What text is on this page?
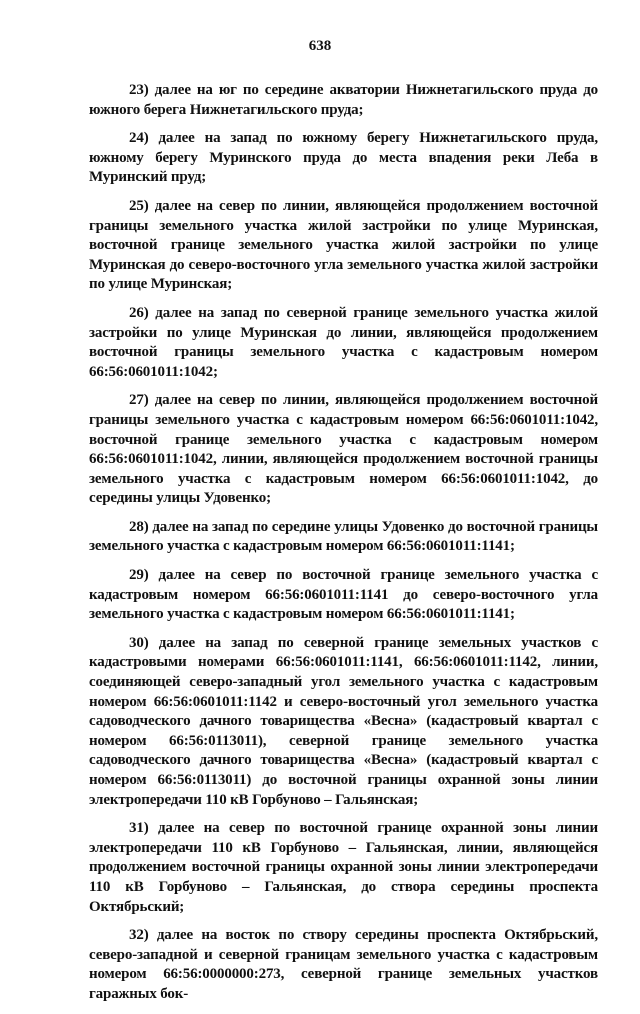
638

23) далее на юг по середине акватории Нижнетагильского пруда до южного берега Нижнетагильского пруда;

24) далее на запад по южному берегу Нижнетагильского пруда, южному берегу Муринского пруда до места впадения реки Леба в Муринский пруд;

25) далее на север по линии, являющейся продолжением восточной границы земельного участка жилой застройки по улице Муринская, восточной границе земельного участка жилой застройки по улице Муринская до северо-восточного угла земельного участка жилой застройки по улице Муринская;

26) далее на запад по северной границе земельного участка жилой застройки по улице Муринская до линии, являющейся продолжением восточной границы земельного участка с кадастровым номером 66:56:0601011:1042;

27) далее на север по линии, являющейся продолжением восточной границы земельного участка с кадастровым номером 66:56:0601011:1042, восточной границе земельного участка с кадастровым номером 66:56:0601011:1042, линии, являющейся продолжением восточной границы земельного участка с кадастровым номером 66:56:0601011:1042, до середины улицы Удовенко;

28) далее на запад по середине улицы Удовенко до восточной границы земельного участка с кадастровым номером 66:56:0601011:1141;

29) далее на север по восточной границе земельного участка с кадастровым номером 66:56:0601011:1141 до северо-восточного угла земельного участка с кадастровым номером 66:56:0601011:1141;

30) далее на запад по северной границе земельных участков с кадастровыми номерами 66:56:0601011:1141, 66:56:0601011:1142, линии, соединяющей северо-западный угол земельного участка с кадастровым номером 66:56:0601011:1142 и северо-восточный угол земельного участка садоводческого дачного товарищества «Весна» (кадастровый квартал с номером 66:56:0113011), северной границе земельного участка садоводческого дачного товарищества «Весна» (кадастровый квартал с номером 66:56:0113011) до восточной границы охранной зоны линии электропередачи 110 кВ Горбуново – Гальянская;

31) далее на север по восточной границе охранной зоны линии электропередачи 110 кВ Горбуново – Гальянская, линии, являющейся продолжением восточной границы охранной зоны линии электропередачи 110 кВ Горбуново – Гальянская, до створа середины проспекта Октябрьский;

32) далее на восток по створу середины проспекта Октябрьский, северо-западной и северной границам земельного участка с кадастровым номером 66:56:0000000:273, северной границе земельных участков гаражных бок-
